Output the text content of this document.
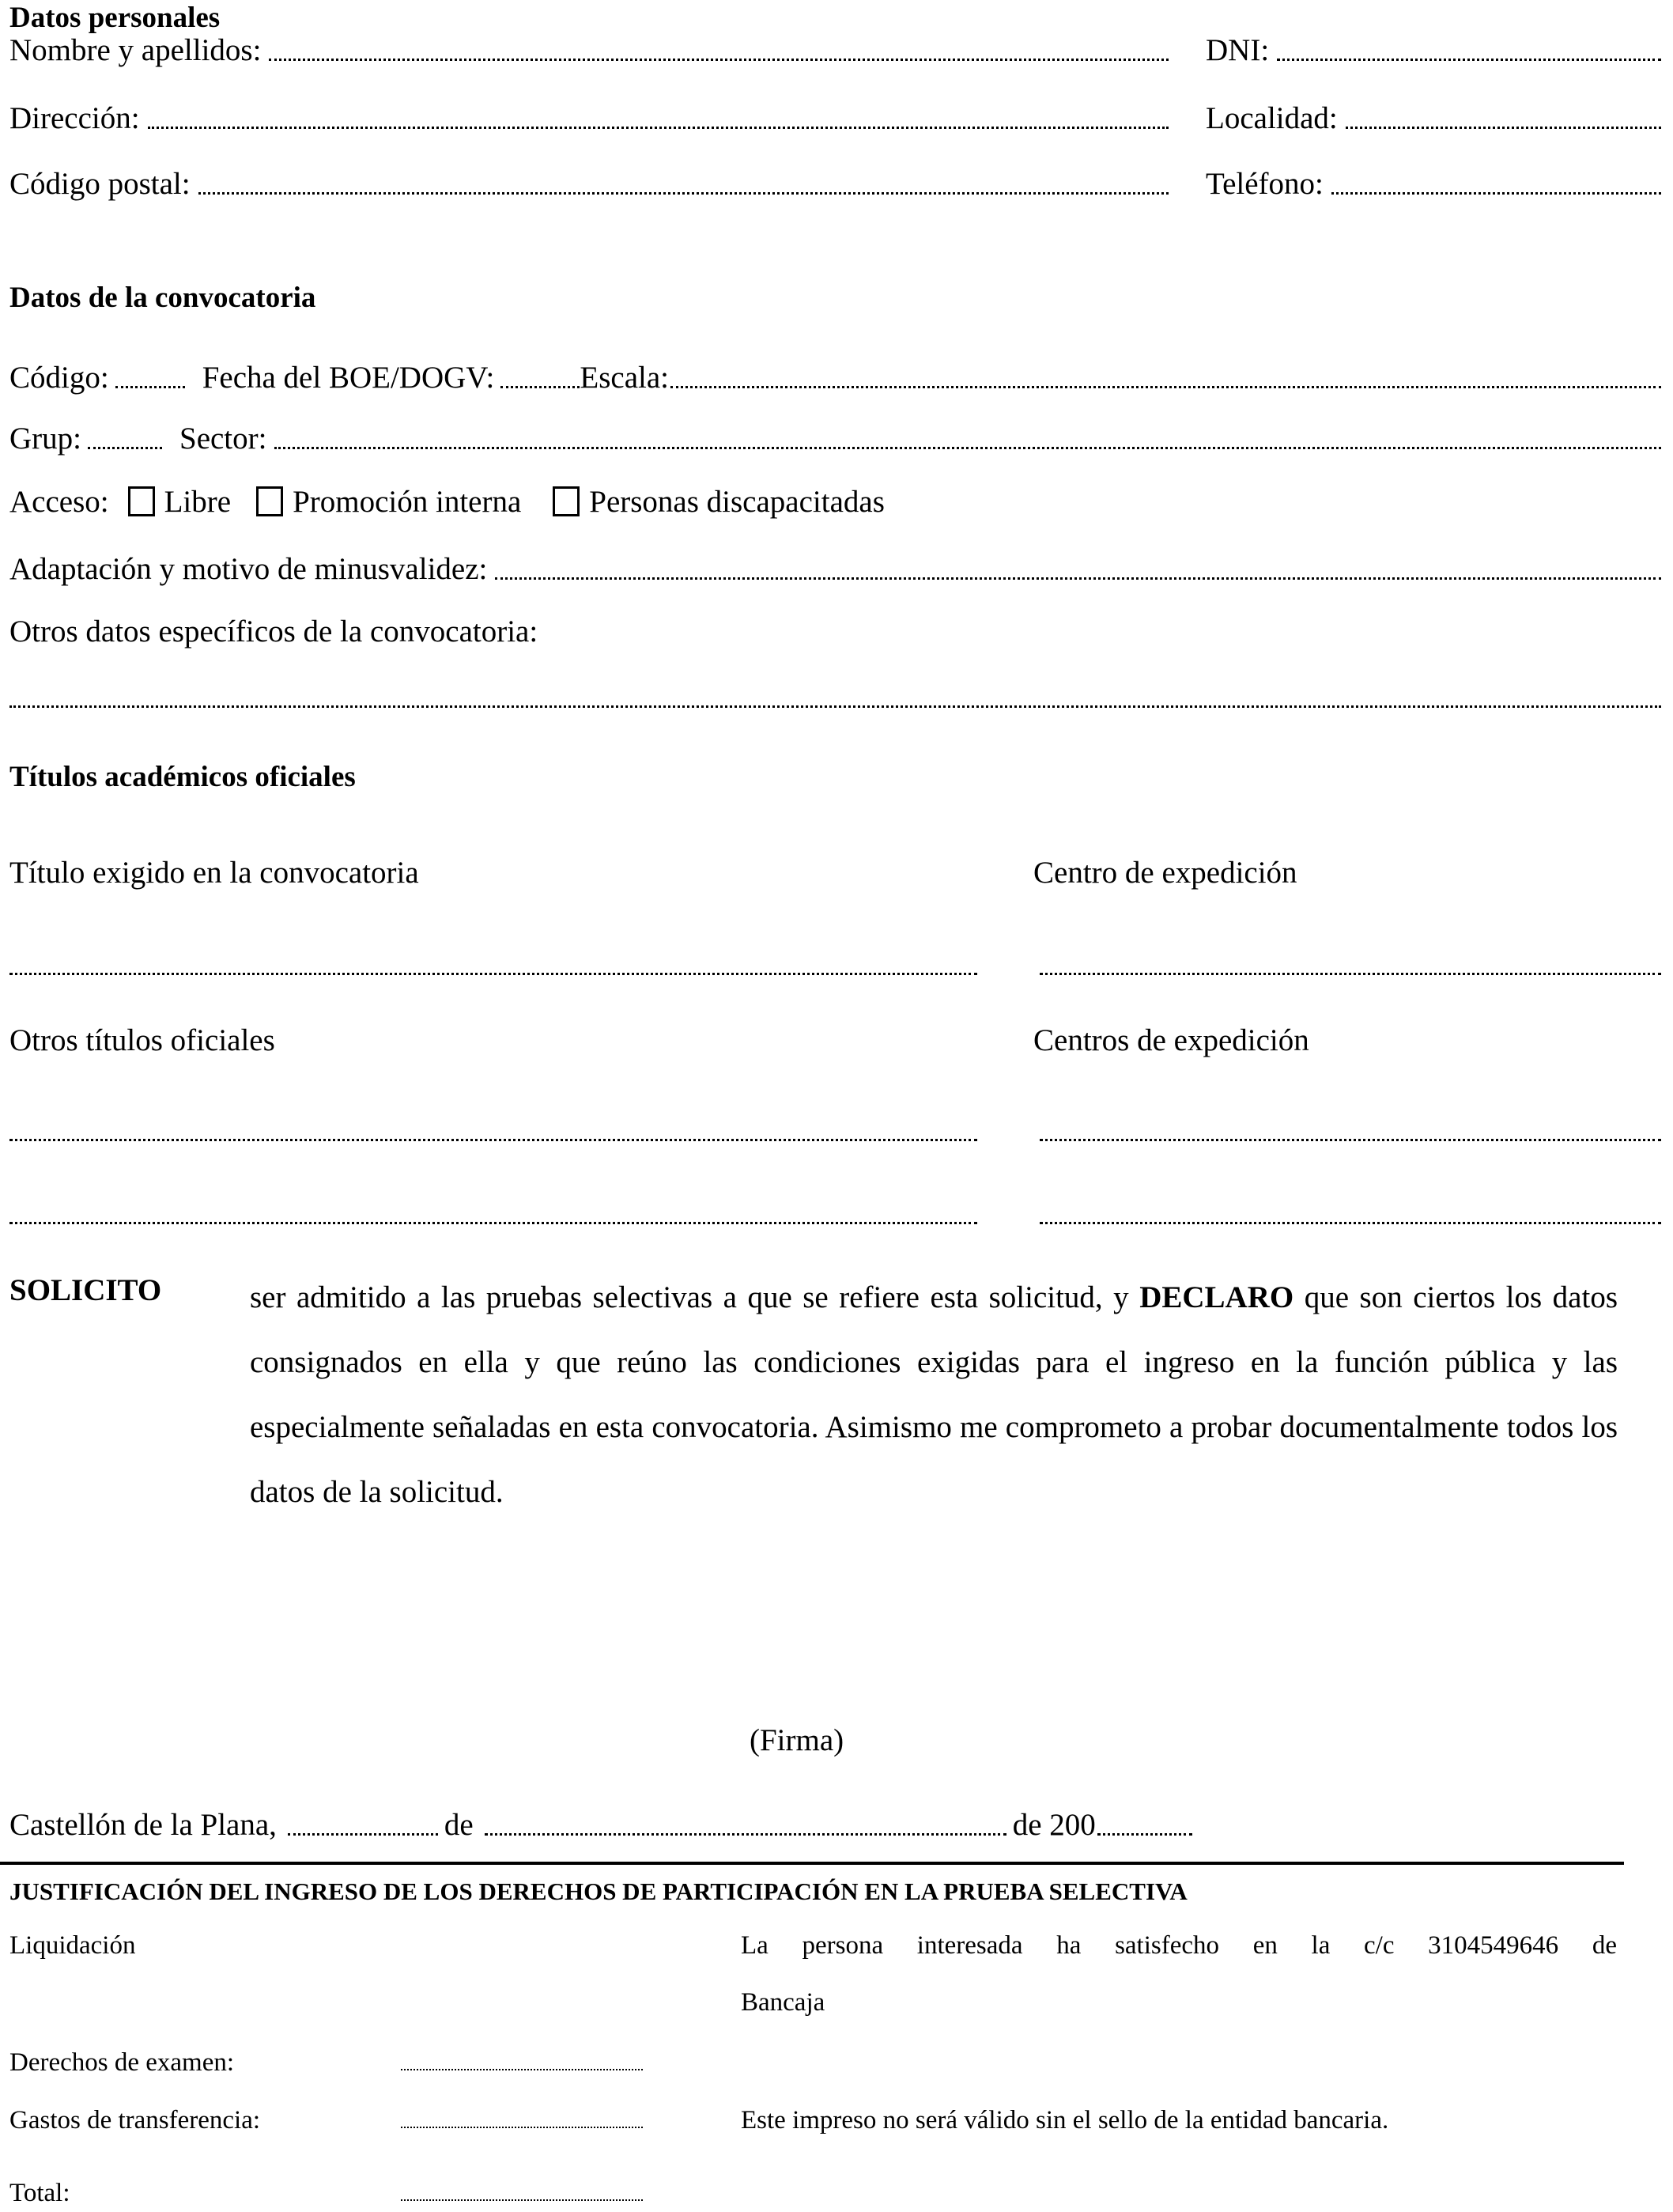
Datos personales
Nombre y apellidos:	DNI:
Dirección:	Localidad:
Código postal:	Teléfono:
Datos de la convocatoria
Código:	Fecha del BOE/DOGV:	Escala:
Grup:	Sector:
Acceso: Libre Promoción interna Personas discapacitadas
Adaptación y motivo de minusvalidez:
Otros datos específicos de la convocatoria:
Títulos académicos oficiales
Título exigido en la convocatoria	Centro de expedición
Otros títulos oficiales	Centros de expedición
SOLICITO	ser admitido a las pruebas selectivas a que se refiere esta solicitud, y DECLARO que son ciertos los datos consignados en ella y que reúno las condiciones exigidas para el ingreso en la función pública y las especialmente señaladas en esta convocatoria. Asimismo me comprometo a probar documentalmente todos los datos de la solicitud.
(Firma)
Castellón de la Plana,	de	de 200
JUSTIFICACIÓN DEL INGRESO DE LOS DERECHOS DE PARTICIPACIÓN EN LA PRUEBA SELECTIVA
Liquidación	La persona interesada ha satisfecho en la c/c 3104549646 de
Bancaja
Derechos de examen:
Gastos de transferencia:	Este impreso no será válido sin el sello de la entidad bancaria.
Total:
